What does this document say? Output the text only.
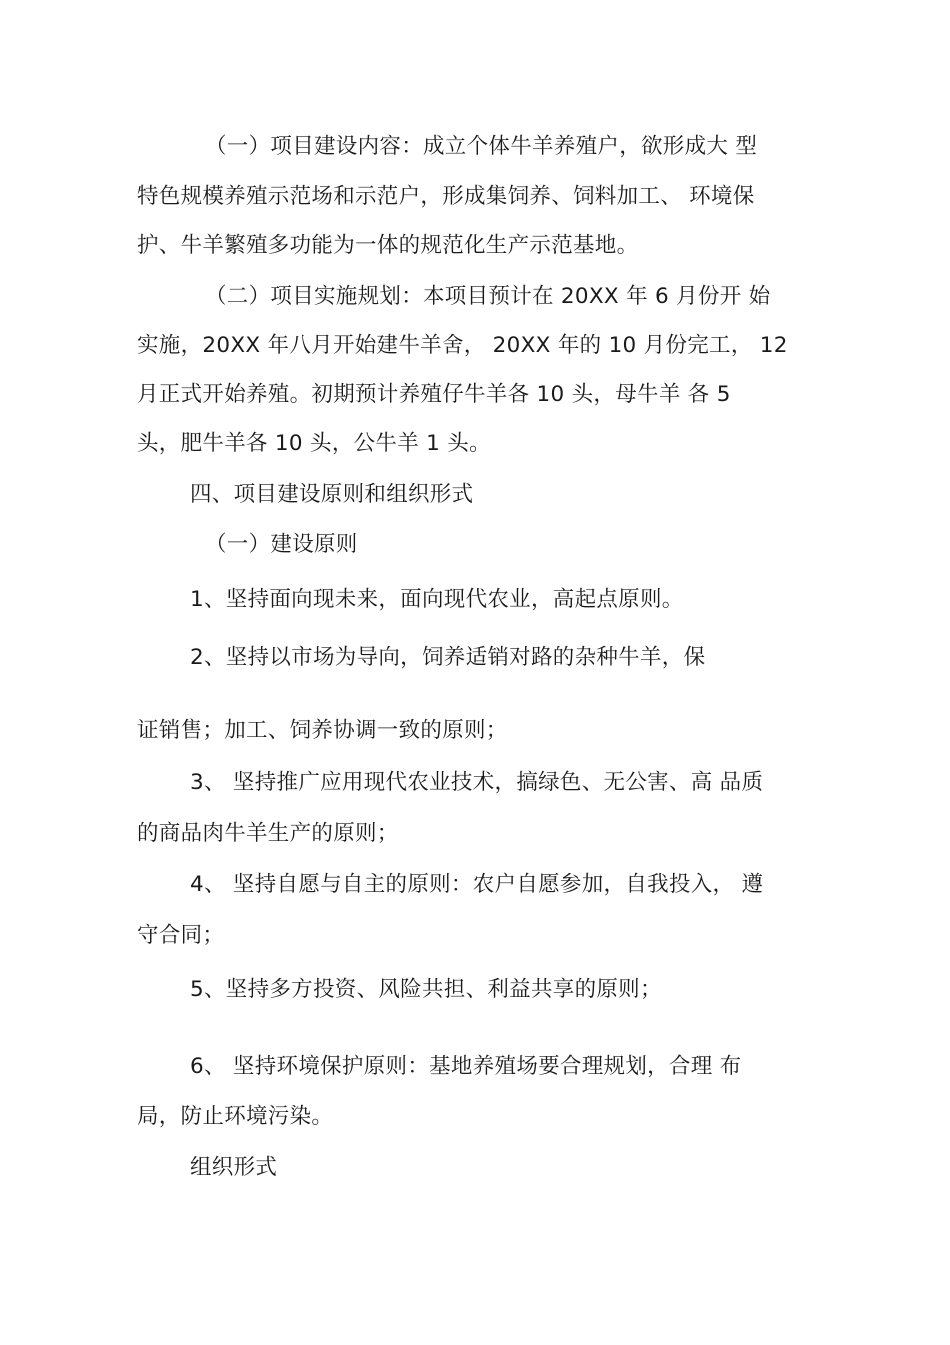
（一）项目建设内容：成立个体牛羊养殖户，欲形成大 型
特色规模养殖示范场和示范户，形成集饲养、饲料加工、 环境保
护、牛羊繁殖多功能为一体的规范化生产示范基地。
（二）项目实施规划：本项目预计在 20XX 年 6 月份开 始
实施，20XX 年八月开始建牛羊舍， 20XX 年的 10 月份完工， 12
月正式开始养殖。初期预计养殖仔牛羊各 10 头，母牛羊 各 5
头，肥牛羊各 10 头，公牛羊 1 头。
四、项目建设原则和组织形式
（一）建设原则
1、坚持面向现未来，面向现代农业，高起点原则。
2、坚持以市场为导向，饲养适销对路的杂种牛羊，保
证销售；加工、饲养协调一致的原则；
3、 坚持推广应用现代农业技术，搞绿色、无公害、高 品质
的商品肉牛羊生产的原则；
4、 坚持自愿与自主的原则：农户自愿参加，自我投入， 遵
守合同；
5、坚持多方投资、风险共担、利益共享的原则；
6、 坚持环境保护原则：基地养殖场要合理规划，合理 布
局，防止环境污染。
组织形式
